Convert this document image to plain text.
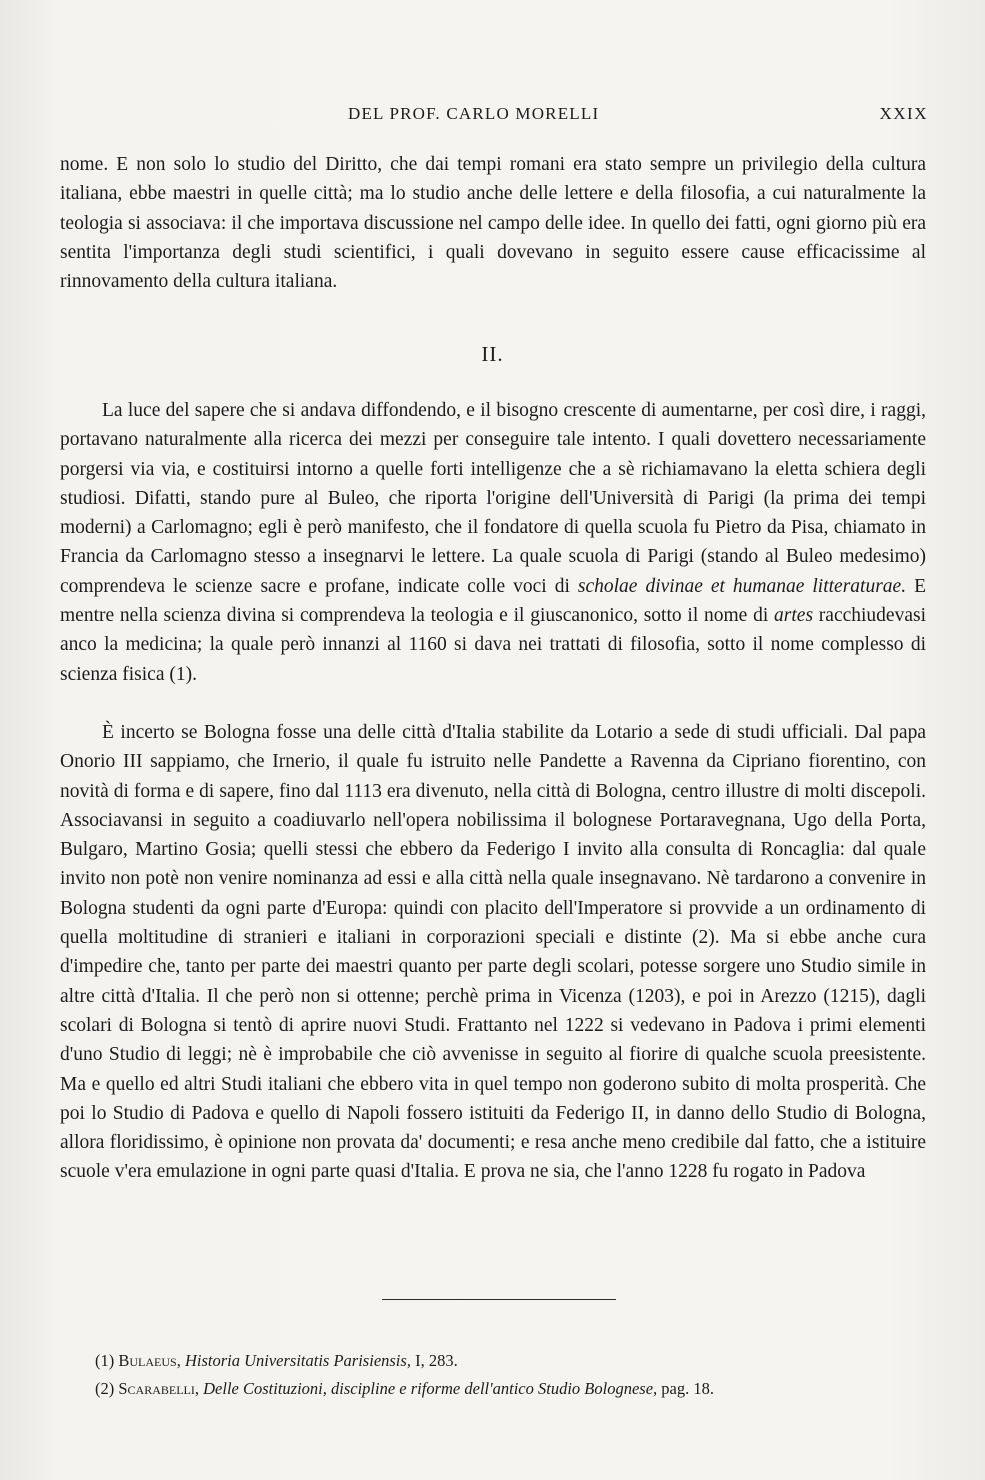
DEL PROF. CARLO MORELLI	XXIX

nome. E non solo lo studio del Diritto, che dai tempi romani era stato sempre un privilegio della cultura italiana, ebbe maestri in quelle città; ma lo studio anche delle lettere e della filosofia, a cui naturalmente la teologia si associava: il che importava discussione nel campo delle idee. In quello dei fatti, ogni giorno più era sentita l'importanza degli studi scientifici, i quali dovevano in seguito essere cause efficacissime al rinnovamento della cultura italiana.

II.

La luce del sapere che si andava diffondendo, e il bisogno crescente di aumentarne, per così dire, i raggi, portavano naturalmente alla ricerca dei mezzi per conseguire tale intento. I quali dovettero necessariamente porgersi via via, e costituirsi intorno a quelle forti intelligenze che a sè richiamavano la eletta schiera degli studiosi. Difatti, stando pure al Buleo, che riporta l'origine dell'Università di Parigi (la prima dei tempi moderni) a Carlomagno; egli è però manifesto, che il fondatore di quella scuola fu Pietro da Pisa, chiamato in Francia da Carlomagno stesso a insegnarvi le lettere. La quale scuola di Parigi (stando al Buleo medesimo) comprendeva le scienze sacre e profane, indicate colle voci di scholae divinae et humanae litteraturae. E mentre nella scienza divina si comprendeva la teologia e il giuscanonico, sotto il nome di artes racchiudevasi anco la medicina; la quale però innanzi al 1160 si dava nei trattati di filosofia, sotto il nome complesso di scienza fisica (1).

È incerto se Bologna fosse una delle città d'Italia stabilite da Lotario a sede di studi ufficiali. Dal papa Onorio III sappiamo, che Irnerio, il quale fu istruito nelle Pandette a Ravenna da Cipriano fiorentino, con novità di forma e di sapere, fino dal 1113 era divenuto, nella città di Bologna, centro illustre di molti discepoli. Associavansi in seguito a coadiuvarlo nell'opera nobilissima il bolognese Portaravegnana, Ugo della Porta, Bulgaro, Martino Gosia; quelli stessi che ebbero da Federigo I invito alla consulta di Roncaglia: dal quale invito non potè non venire nominanza ad essi e alla città nella quale insegnavano. Nè tardarono a convenire in Bologna studenti da ogni parte d'Europa: quindi con placito dell'Imperatore si provvide a un ordinamento di quella moltitudine di stranieri e italiani in corporazioni speciali e distinte (2). Ma si ebbe anche cura d'impedire che, tanto per parte dei maestri quanto per parte degli scolari, potesse sorgere uno Studio simile in altre città d'Italia. Il che però non si ottenne; perchè prima in Vicenza (1203), e poi in Arezzo (1215), dagli scolari di Bologna si tentò di aprire nuovi Studi. Frattanto nel 1222 si vedevano in Padova i primi elementi d'uno Studio di leggi; nè è improbabile che ciò avvenisse in seguito al fiorire di qualche scuola preesistente. Ma e quello ed altri Studi italiani che ebbero vita in quel tempo non goderono subito di molta prosperità. Che poi lo Studio di Padova e quello di Napoli fossero istituiti da Federigo II, in danno dello Studio di Bologna, allora floridissimo, è opinione non provata da' documenti; e resa anche meno credibile dal fatto, che a istituire scuole v'era emulazione in ogni parte quasi d'Italia. E prova ne sia, che l'anno 1228 fu rogato in Padova

(1) Bulaeus, Historia Universitatis Parisiensis, I, 283.
(2) Scarabelli, Delle Costituzioni, discipline e riforme dell'antico Studio Bolognese, pag. 18.
